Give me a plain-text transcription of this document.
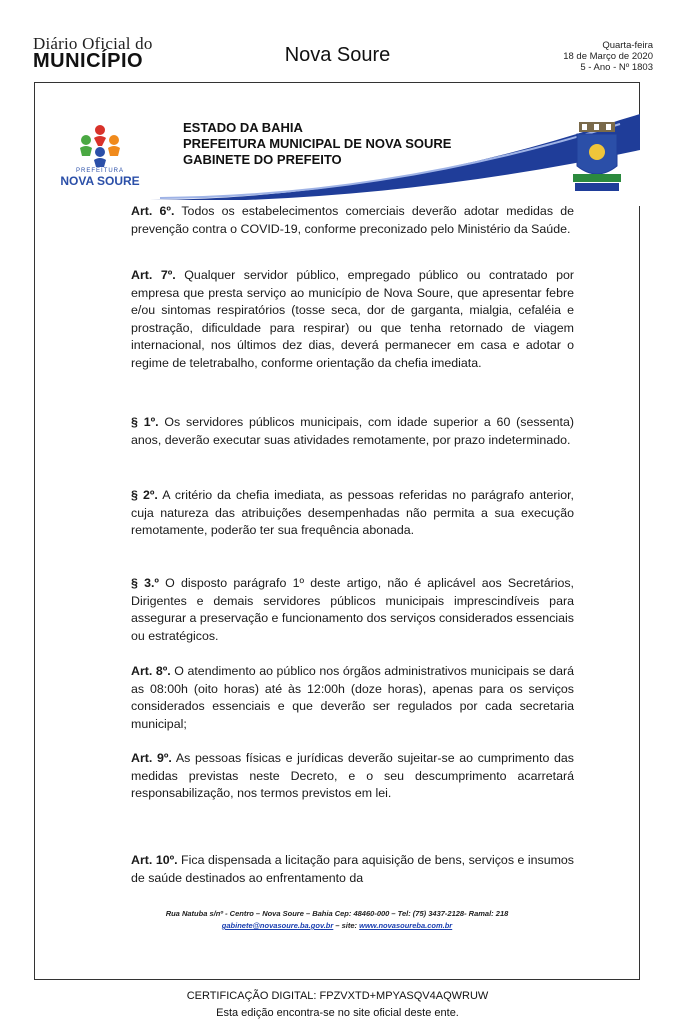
Diário Oficial do
MUNICÍPIO	Nova Soure	Quarta-feira
18 de Março de 2020
5 - Ano - Nº 1803
PREFEITURA
NOVA SOURE
ESTADO DA BAHIA
PREFEITURA MUNICIPAL DE NOVA SOURE
GABINETE DO PREFEITO

Art. 6º. Todos os estabelecimentos comerciais deverão adotar medidas de prevenção contra o COVID-19, conforme preconizado pelo Ministério da Saúde.

Art. 7º. Qualquer servidor público, empregado público ou contratado por empresa que presta serviço ao município de Nova Soure, que apresentar febre e/ou sintomas respiratórios (tosse seca, dor de garganta, mialgia, cefaléia e prostração, dificuldade para respirar) ou que tenha retornado de viagem internacional, nos últimos dez dias, deverá permanecer em casa e adotar o regime de teletrabalho, conforme orientação da chefia imediata.

§ 1º. Os servidores públicos municipais, com idade superior a 60 (sessenta) anos, deverão executar suas atividades remotamente, por prazo indeterminado.

§ 2º. A critério da chefia imediata, as pessoas referidas no parágrafo anterior, cuja natureza das atribuições desempenhadas não permita a sua execução remotamente, poderão ter sua frequência abonada.

§ 3.º O disposto parágrafo 1º deste artigo, não é aplicável aos Secretários, Dirigentes e demais servidores públicos municipais imprescindíveis para assegurar a preservação e funcionamento dos serviços considerados essenciais ou estratégicos.

Art. 8º. O atendimento ao público nos órgãos administrativos municipais se dará as 08:00h (oito horas) até às 12:00h (doze horas), apenas para os serviços considerados essenciais e que deverão ser regulados por cada secretaria municipal;

Art. 9º. As pessoas físicas e jurídicas deverão sujeitar-se ao cumprimento das medidas previstas neste Decreto, e o seu descumprimento acarretará responsabilização, nos termos previstos em lei.

Art. 10º. Fica dispensada a licitação para aquisição de bens, serviços e insumos de saúde destinados ao enfrentamento da

Rua Natuba s/nº - Centro – Nova Soure – Bahia Cep: 48460-000 – Tel: (75) 3437-2128- Ramal: 218
gabinete@novasoure.ba.gov.br – site: www.novasoureba.com.br
CERTIFICAÇÃO DIGITAL: FPZVXTD+MPYASQV4AQWRUW
Esta edição encontra-se no site oficial deste ente.
